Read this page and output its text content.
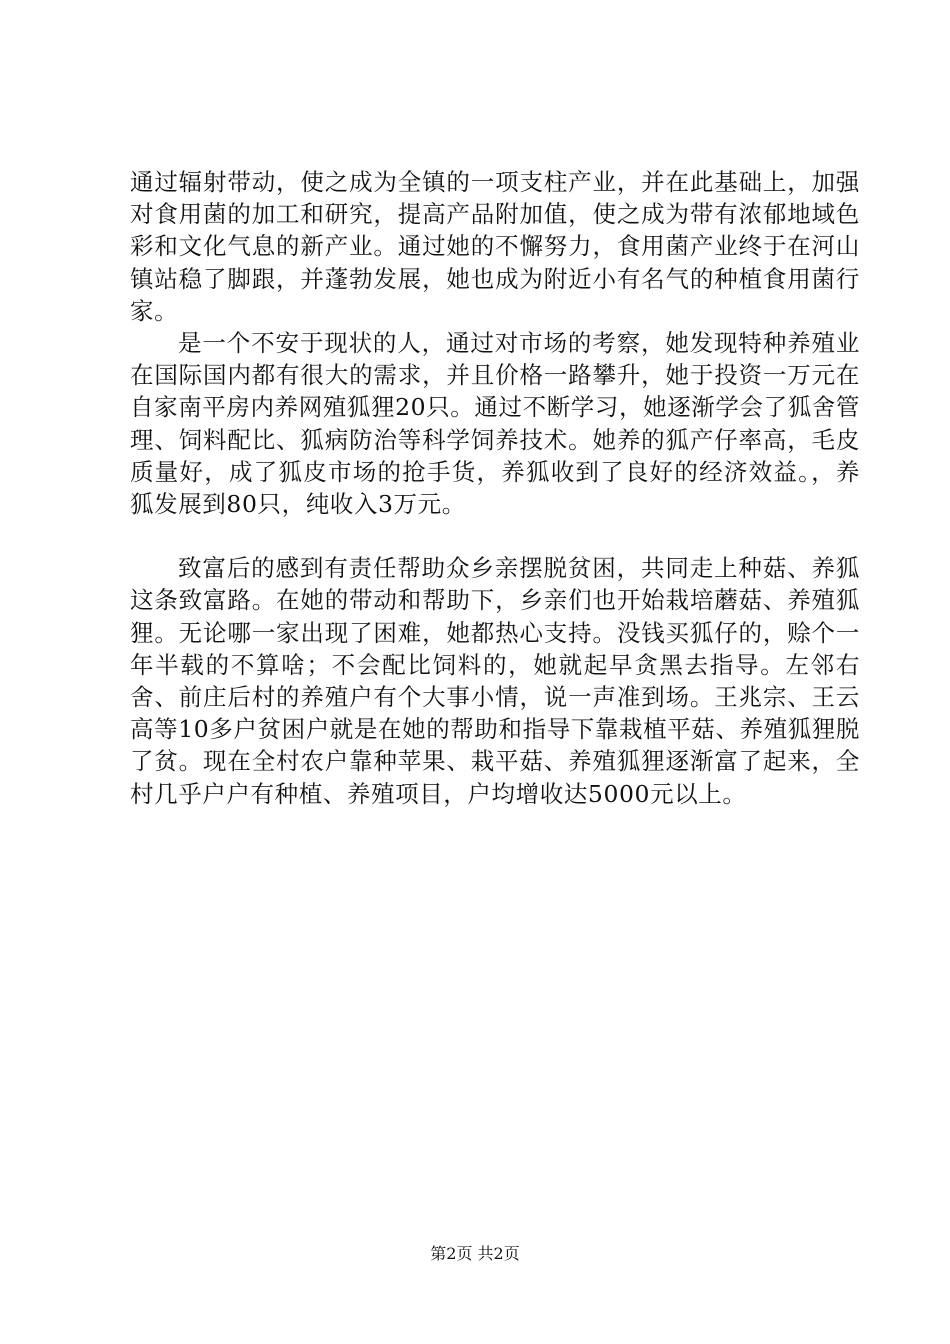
通过辐射带动，使之成为全镇的一项支柱产业，并在此基础上，加强对食用菌的加工和研究，提高产品附加值，使之成为带有浓郁地域色彩和文化气息的新产业。通过她的不懈努力，食用菌产业终于在河山镇站稳了脚跟，并蓬勃发展，她也成为附近小有名气的种植食用菌行家。

是一个不安于现状的人，通过对市场的考察，她发现特种养殖业在国际国内都有很大的需求，并且价格一路攀升，她于投资一万元在自家南平房内养网殖狐狸20只。通过不断学习，她逐渐学会了狐舍管理、饲料配比、狐病防治等科学饲养技术。她养的狐产仔率高，毛皮质量好，成了狐皮市场的抢手货，养狐收到了良好的经济效益。，养狐发展到80只，纯收入3万元。

致富后的感到有责任帮助众乡亲摆脱贫困，共同走上种菇、养狐这条致富路。在她的带动和帮助下，乡亲们也开始栽培蘑菇、养殖狐狸。无论哪一家出现了困难，她都热心支持。没钱买狐仔的，赊个一年半载的不算啥；不会配比饲料的，她就起早贪黑去指导。左邻右舍、前庄后村的养殖户有个大事小情，说一声准到场。王兆宗、王云高等10多户贫困户就是在她的帮助和指导下靠栽植平菇、养殖狐狸脱了贫。现在全村农户靠种苹果、栽平菇、养殖狐狸逐渐富了起来，全村几乎户户有种植、养殖项目，户均增收达5000元以上。

第2页 共2页
